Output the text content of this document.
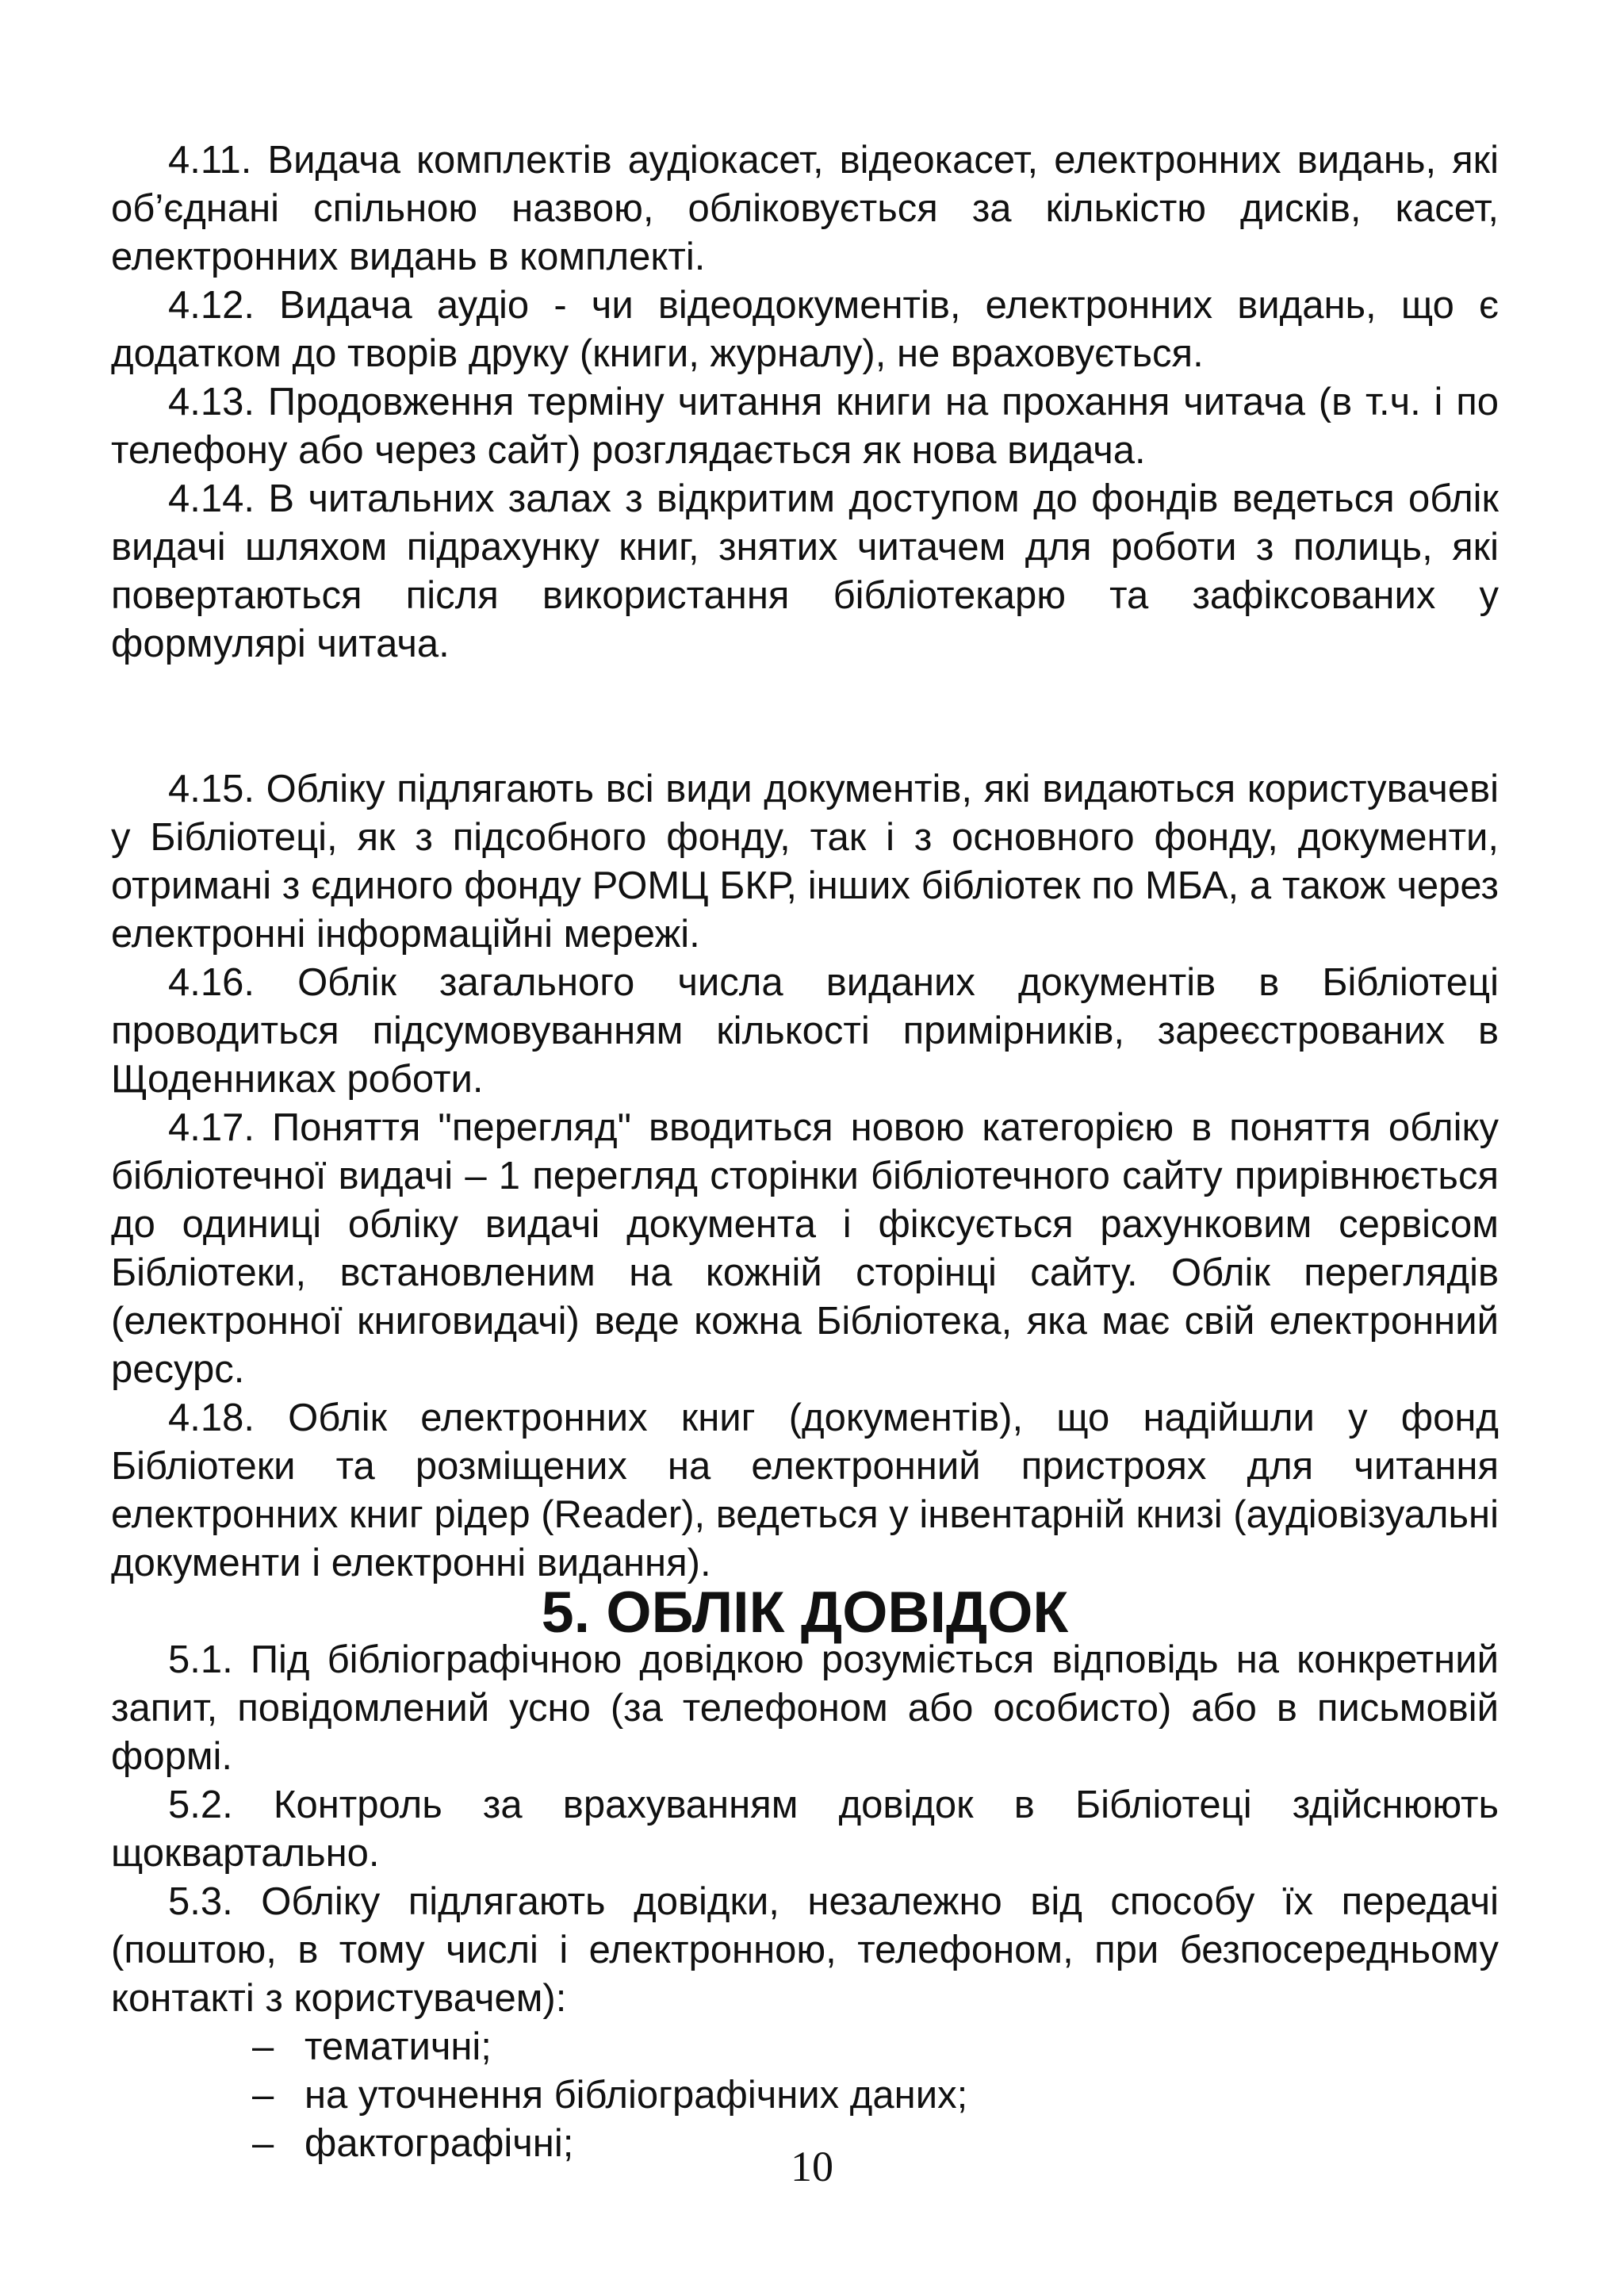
4.11. Видача комплектів аудіокасет, відеокасет, електронних видань, які об’єднані спільною назвою, обліковується за кількістю дисків, касет, електронних видань в комплекті.

4.12. Видача аудіо - чи відеодокументів, електронних видань, що є додатком до творів друку (книги, журналу), не враховується.

4.13. Продовження терміну читання книги на прохання читача (в т.ч. і по телефону або через сайт) розглядається як нова видача.

4.14. В читальних залах з відкритим доступом до фондів ведеться облік видачі шляхом підрахунку книг, знятих читачем для роботи з полиць, які повертаються після використання бібліотекарю та зафіксованих у формулярі читача.

4.15. Обліку підлягають всі види документів, які видаються користувачеві у Бібліотеці, як з підсобного фонду, так і з основного фонду, документи, отримані з єдиного фонду РОМЦ БКР, інших бібліотек по МБА, а також через електронні інформаційні мережі.

4.16. Облік загального числа виданих документів в Бібліотеці проводиться підсумовуванням кількості примірників, зареєстрованих в Щоденниках роботи.

4.17. Поняття "перегляд" вводиться новою категорією в поняття обліку бібліотечної видачі – 1 перегляд сторінки бібліотечного сайту прирівнюється до одиниці обліку видачі документа і фіксується рахунковим сервісом Бібліотеки, встановленим на кожній сторінці сайту. Облік переглядів (електронної книговидачі) веде кожна Бібліотека, яка має свій електронний ресурс.

4.18. Облік електронних книг (документів), що надійшли у фонд Бібліотеки та розміщених на електронний пристроях для читання електронних книг рідер (Reader), ведеться у інвентарній книзі (аудіовізуальні документи і електронні видання).

5. ОБЛІК ДОВІДОК

5.1. Під бібліографічною довідкою розуміється відповідь на конкретний запит, повідомлений усно (за телефоном або особисто) або в письмовій формі.

5.2. Контроль за врахуванням довідок в Бібліотеці здійснюють щоквартально.

5.3. Обліку підлягають довідки, незалежно від способу їх передачі (поштою, в тому числі і електронною, телефоном, при безпосередньому контакті з користувачем):

– тематичні;
– на уточнення бібліографічних даних;
– фактографічні;	10
